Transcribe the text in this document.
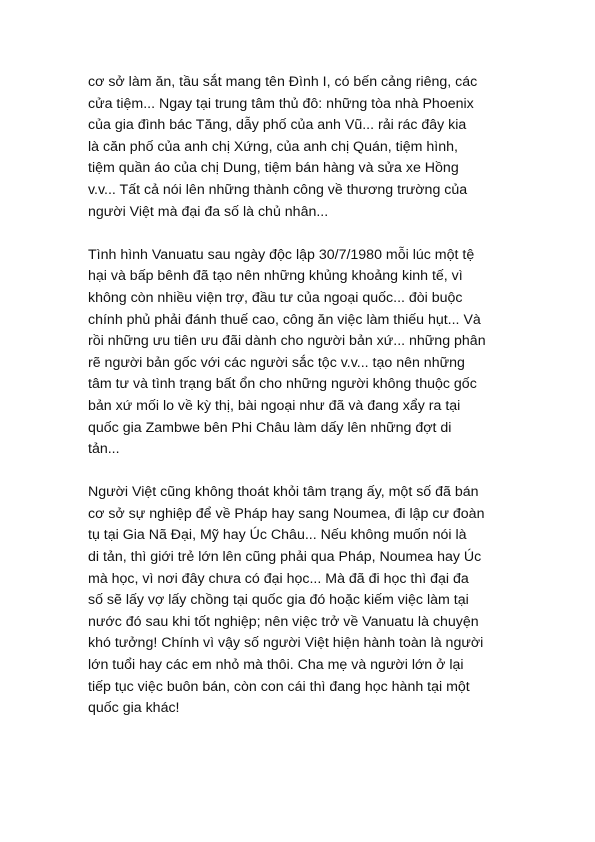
cơ sở làm ăn, tầu sắt mang tên Đình I, có bến cảng riêng, các
cửa tiệm... Ngay tại trung tâm thủ đô: những tòa nhà Phoenix
của gia đình bác Tăng, dẫy phố của anh Vũ... rải rác đây kia
là căn phố của anh chị Xứng, của anh chị Quán, tiệm hình,
tiệm quần áo của chị Dung, tiệm bán hàng và sửa xe Hồng
v.v... Tất cả nói lên những thành công về thương trường của
người Việt mà đại đa số là chủ nhân...
Tình hình Vanuatu sau ngày độc lập 30/7/1980 mỗi lúc một tệ
hại và bấp bênh đã tạo nên những khủng khoảng kinh tế, vì
không còn nhiều viện trợ, đầu tư của ngoại quốc... đòi buộc
chính phủ phải đánh thuế cao, công ăn việc làm thiếu hụt... Và
rồi những ưu tiên ưu đãi dành cho người bản xứ... những phân
rẽ người bản gốc với các người sắc tộc v.v... tạo nên những
tâm tư và tình trạng bất ổn cho những người không thuộc gốc
bản xứ mối lo về kỳ thị, bài ngoại như đã và đang xẩy ra tại
quốc gia Zambwe bên Phi Châu làm dấy lên những đợt di
tản...
Người Việt cũng không thoát khỏi tâm trạng ấy, một số đã bán
cơ sở sự nghiệp để về Pháp hay sang Noumea, đi lập cư đoàn
tụ tại Gia Nã Đại, Mỹ hay Úc Châu... Nếu không muốn nói là
di tản, thì giới trẻ lớn lên cũng phải qua Pháp, Noumea hay Úc
mà học, vì nơi đây chưa có đại học... Mà đã đi học thì đại đa
số sẽ lấy vợ lấy chồng tại quốc gia đó hoặc kiếm việc làm tại
nước đó sau khi tốt nghiệp; nên việc trở về Vanuatu là chuyện
khó tưởng! Chính vì vậy số người Việt hiện hành toàn là người
lớn tuổi hay các em nhỏ mà thôi. Cha mẹ và người lớn ở lại
tiếp tục việc buôn bán, còn con cái thì đang học hành tại một
quốc gia khác!
